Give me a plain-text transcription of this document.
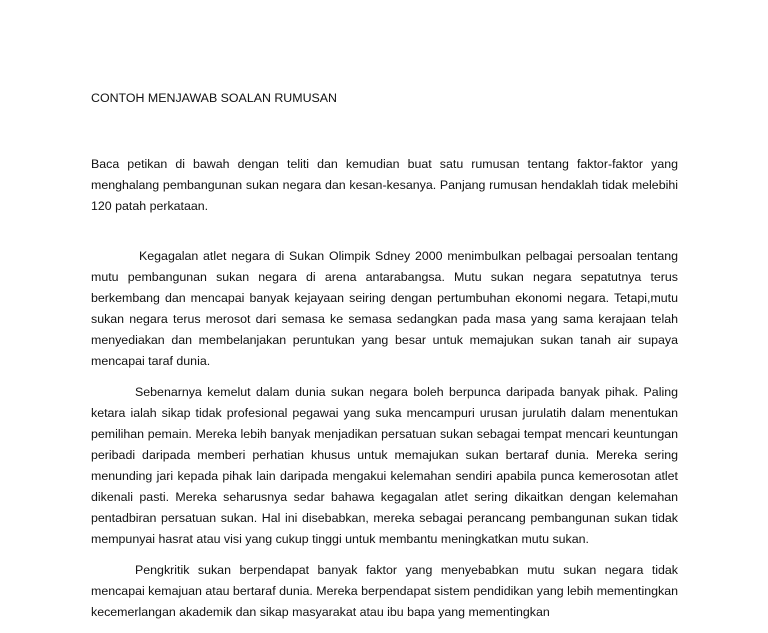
CONTOH MENJAWAB SOALAN RUMUSAN

Baca petikan di bawah dengan teliti dan kemudian buat satu rumusan tentang faktor-faktor yang menghalang pembangunan sukan negara dan kesan-kesanya. Panjang rumusan hendaklah tidak melebihi 120 patah perkataan.

Kegagalan atlet negara di Sukan Olimpik Sdney 2000 menimbulkan pelbagai persoalan tentang mutu pembangunan sukan negara di arena antarabangsa. Mutu sukan negara sepatutnya terus berkembang dan mencapai banyak kejayaan seiring dengan pertumbuhan ekonomi negara. Tetapi,mutu sukan negara terus merosot dari semasa ke semasa sedangkan pada masa yang sama kerajaan telah menyediakan dan membelanjakan peruntukan yang besar untuk memajukan sukan tanah air supaya mencapai taraf dunia.

Sebenarnya kemelut dalam dunia sukan negara boleh berpunca daripada banyak pihak. Paling ketara ialah sikap tidak profesional pegawai yang suka mencampuri urusan jurulatih dalam menentukan pemilihan pemain. Mereka lebih banyak menjadikan persatuan sukan sebagai tempat mencari keuntungan peribadi daripada memberi perhatian khusus untuk memajukan sukan bertaraf dunia. Mereka sering menunding jari kepada pihak lain daripada mengakui kelemahan sendiri apabila punca kemerosotan atlet dikenali pasti. Mereka seharusnya sedar bahawa kegagalan atlet sering dikaitkan dengan kelemahan pentadbiran persatuan sukan. Hal ini disebabkan, mereka sebagai perancang pembangunan sukan tidak mempunyai hasrat atau visi yang cukup tinggi untuk membantu meningkatkan mutu sukan.

Pengkritik sukan berpendapat banyak faktor yang menyebabkan mutu sukan negara tidak mencapai kemajuan atau bertaraf dunia. Mereka berpendapat sistem pendidikan yang lebih mementingkan kecemerlangan akademik dan sikap masyarakat atau ibu bapa yang mementingkan
